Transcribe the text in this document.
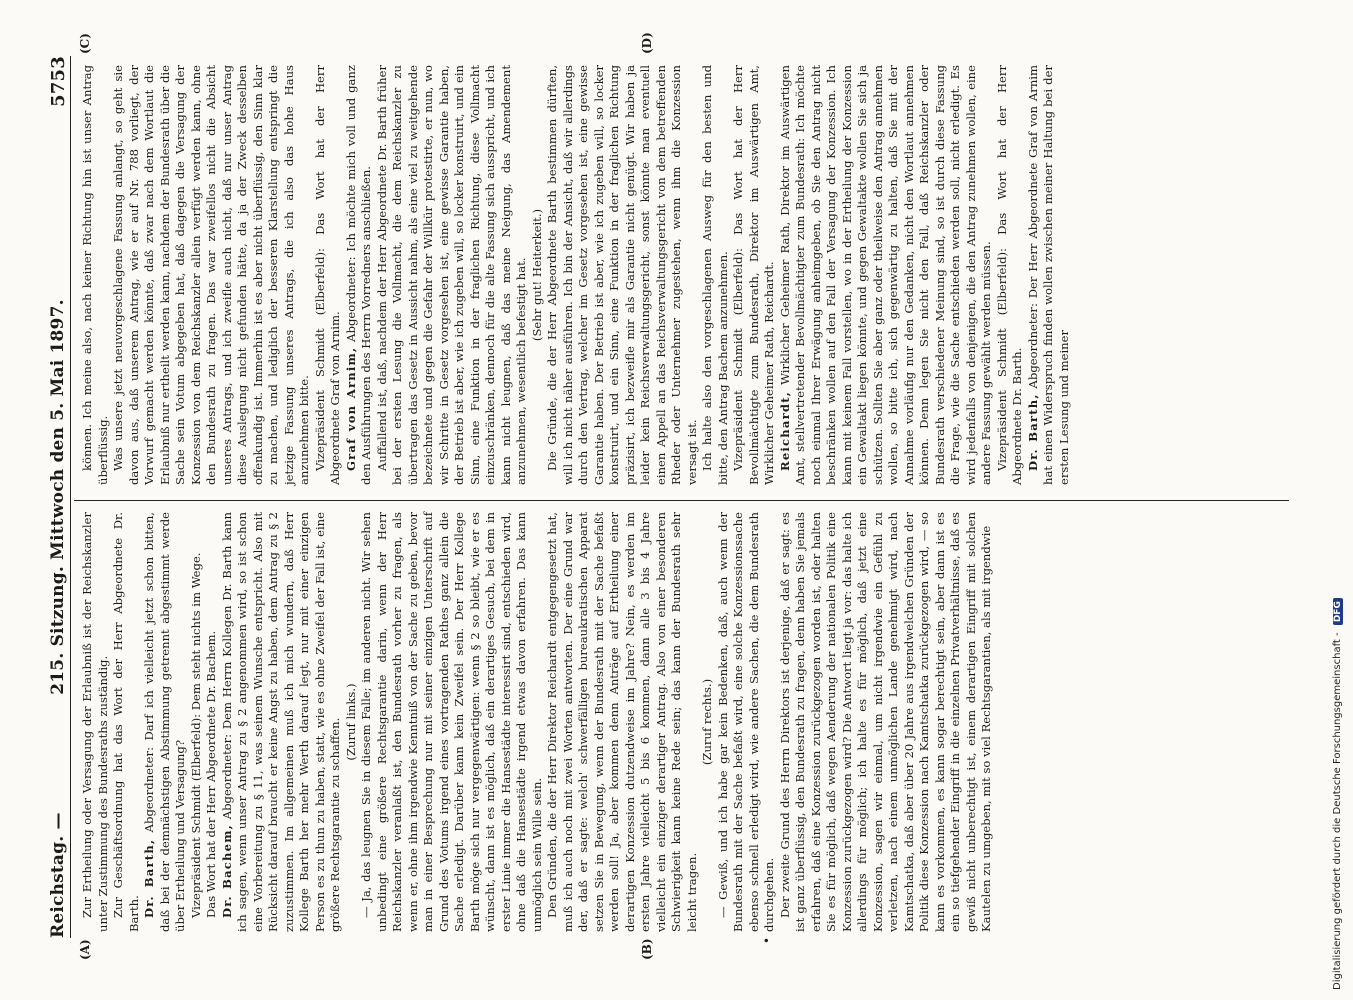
Reichstag. —
215. Sitzung. Mittwoch den 5. Mai 1897.
5753
(A)	(B)
(C)	(D)
•

Zur Ertheilung oder Versagung der Erlaubniß ist der Reichskanzler unter Zustimmung des Bundesraths zuständig. Zur Geschäftsordnung hat das Wort der Herr Abgeordnete Dr. Barth. Dr. Barth, Abgeordneter: Darf ich vielleicht jetzt schon bitten, daß bei der demnächstigen Abstimmung getrennt abgestimmt werde über Ertheilung und Versagung? Vizepräsident Schmidt (Elberfeld): Dem steht nichts im Wege. Das Wort hat der Herr Abgeordnete Dr. Bachem. Dr. Bachem, Abgeordneter: Dem Herrn Kollegen Dr. Barth kann ich sagen, wenn unser Antrag zu § 2 angenommen wird, so ist schon eine Vorbereitung zu § 11, was seinem Wunsche entspricht. Also mit Rücksicht darauf braucht er keine Angst zu haben, dem Antrag zu § 2 zuzustimmen. Im allgemeinen muß ich mich wundern, daß Herr Kollege Barth her mehr Werth darauf legt, nur mit einer einzigen Person es zu thun zu haben, statt, wie es ohne Zweifel der Fall ist, eine größere Rechtsgarantie zu schaffen. (Zuruf links.) — Ja, das leugnen Sie in diesem Falle; im anderen nicht. Wir sehen unbedingt eine größere Rechtsgarantie darin, wenn der Herr Reichskanzler veranlaßt ist, den Bundesrath vorher zu fragen, als wenn er, ohne ihm irgendwie Kenntniß von der Sache zu geben, bevor man in einer Besprechung nur mit seiner einzigen Unterschrift auf Grund des Votums irgend eines vortragenden Rathes ganz allein die Sache erledigt. Darüber kann kein Zweifel sein. Der Herr Kollege Barth möge sich nur vergegenwärtigen: wenn § 2 so bleibt, wie er es wünscht, dann ist es möglich, daß ein derartiges Gesuch, bei dem in erster Linie immer die Hansestädte interessirt sind, entschieden wird, ohne daß die Hansestädte irgend etwas davon erfahren. Das kann unmöglich sein Wille sein. Den Gründen, die der Herr Direktor Reichardt entgegengesetzt hat, muß ich auch noch mit zwei Worten antworten. Der eine Grund war der, daß er sagte: welch' schwerfälligen bureaukratischen Apparat setzen Sie in Bewegung, wenn der Bundesrath mit der Sache befaßt werden soll! Ja, aber kommen denn Anträge auf Ertheilung einer derartigen Konzession dutzendweise im Jahre? Nein, es werden im ersten Jahre vielleicht 5 bis 6 kommen, dann alle 3 bis 4 Jahre vielleicht ein einziger derartiger Antrag. Also von einer besonderen Schwierigkeit kann keine Rede sein; das kann der Bundesrath sehr leicht tragen.

(Zuruf rechts.) — Gewiß, und ich habe gar kein Bedenken, daß, auch wenn der Bundesrath mit der Sache befaßt wird, eine solche Konzessionssache ebenso schnell erledigt wird, wie andere Sachen, die dem Bundesrath durchgehen. Der zweite Grund des Herrn Direktors ist derjenige, daß er sagt: es ist ganz überflüssig, den Bundesrath zu fragen, denn haben Sie jemals erfahren, daß eine Konzession zurückgezogen worden ist, oder halten Sie es für möglich, daß wegen Aenderung der nationalen Politik eine Konzession zurückgezogen wird? Die Antwort liegt ja vor: das halte ich allerdings für möglich; ich halte es für möglich, daß jetzt eine Konzession, sagen wir einmal, um nicht irgendwie ein Gefühl zu verletzen, nach einem unmöglichen Lande genehmigt wird, nach Kamtschatka, daß aber über 20 Jahre aus irgendwelchen Gründen der Politik diese Konzession nach Kamtschatka zurückgezogen wird, — so kann es vorkommen, es kann sogar berechtigt sein, aber dann ist es ein so tiefgehender Eingriff in die einzelnen Privatverhältnisse, daß es gewiß nicht unberechtigt ist, einem derartigen Eingriff mit solchen Kautelen zu umgeben, mit so viel Rechtsgarantien, als mit irgendwie

können. Ich meine also, nach keiner Richtung hin ist unser Antrag überflüssig. Was unsere jetzt neuvorgeschlagene Fassung anlangt, so geht sie davon aus, daß unserem Antrag, wie er auf Nr. 788 vorliegt, der Vorwurf gemacht werden könnte, daß zwar nach dem Wortlaut die Erlaubniß nur ertheilt werden kann, nachdem der Bundesrath über die Sache sein Votum abgegeben hat, daß dagegen die Versagung der Konzession von dem Reichskanzler allein verfügt werden kann, ohne den Bundesrath zu fragen. Das war zweifellos nicht die Absicht unseres Antrags, und ich zweifle auch nicht, daß nur unser Antrag diese Auslegung nicht gefunden hätte, da ja der Zweck desselben offenkundig ist. Immerhin ist es aber nicht überflüssig, den Sinn klar zu machen, und lediglich der besseren Klarstellung entspringt die jetzige Fassung unseres Antrags, die ich also das hohe Haus anzunehmen bitte. Vizepräsident Schmidt (Elberfeld): Das Wort hat der Herr Abgeordnete Graf von Arnim. Graf von Arnim, Abgeordneter: Ich möchte mich voll und ganz den Ausführungen des Herrn Vorredners anschließen. Auffallend ist, daß, nachdem der Herr Abgeordnete Dr. Barth früher bei der ersten Lesung die Vollmacht, die dem Reichskanzler zu übertragen das Gesetz in Aussicht nahm, als eine viel zu weitgehende bezeichnete und gegen die Gefahr der Willkür protestirte, er nun, wo wir Schritte in Gesetz vorgesehen ist, eine gewisse Garantie haben, der Betrieb ist aber, wie ich zugeben will, so locker konstruirt, und ein Sinn, eine Funktion in der fraglichen Richtung, diese Vollmacht einzuschränken, dennoch für die alte Fassung sich ausspricht, und ich kann nicht leugnen, daß das meine Neigung, das Amendement anzunehmen, wesentlich befestigt hat. (Sehr gut! Heiterkeit.) Die Gründe, die der Herr Abgeordnete Barth bestimmen dürften, will ich nicht näher ausführen. Ich bin der Ansicht, daß wir allerdings durch den Vertrag, welcher im Gesetz vorgesehen ist, eine gewisse Garantie haben. Der Betrieb ist aber, wie ich zugeben will, so locker konstruirt, und ein Sinn, eine Funktion in der fraglichen Richtung präzisirt, ich bezweifle mir als Garantie nicht genügt. Wir haben ja leider kein Reichsverwaltungsgericht, sonst könnte man eventuell einen Appell an das Reichsverwaltungsgericht von dem betreffenden Rheder oder Unternehmer zugestehen, wenn ihm die Konzession versagt ist. Ich halte also den vorgeschlagenen Ausweg für den besten und bitte, den Antrag Bachem anzunehmen. Vizepräsident Schmidt (Elberfeld): Das Wort hat der Herr Bevollmächtigte zum Bundesrath, Direktor im Auswärtigen Amt, Wirklicher Geheimer Rath, Reichardt. Reichardt, Wirklicher Geheimer Rath, Direktor im Auswärtigen Amt, stellvertretender Bevollmächtigter zum Bundesrath: Ich möchte noch einmal Ihrer Erwägung anheimgeben, ob Sie den Antrag nicht beschränken wollen auf den Fall der Versagung der Konzession. Ich kann mit keinem Fall vorstellen, wo in der Ertheilung der Konzession ein Gewaltakt liegen könnte, und gegen Gewaltakte wollen Sie sich ja schützen. Sollten Sie aber ganz oder theilweise den Antrag annehmen wollen, so bitte ich, sich gegenwärtig zu halten, daß Sie mit der Annahme vorläufig nur den Gedanken, nicht den Wortlaut annehmen können. Denn legen Sie nicht den Fall, daß Reichskanzler oder Bundesrath verschiedener Meinung sind, so ist durch diese Fassung die Frage, wie die Sache entschieden werden soll, nicht erledigt. Es wird jedenfalls von denjenigen, die den Antrag zunehmen wollen, eine andere Fassung gewählt werden müssen. Vizepräsident Schmidt (Elberfeld): Das Wort hat der Herr Abgeordnete Dr. Barth. Dr. Barth, Abgeordneter: Der Herr Abgeordnete Graf von Arnim hat einen Widerspruch finden wollen zwischen meiner Haltung bei der ersten Lesung und meiner

Digitalisierung gefördert durch die Deutsche Forschungsgemeinschaft - DFG
